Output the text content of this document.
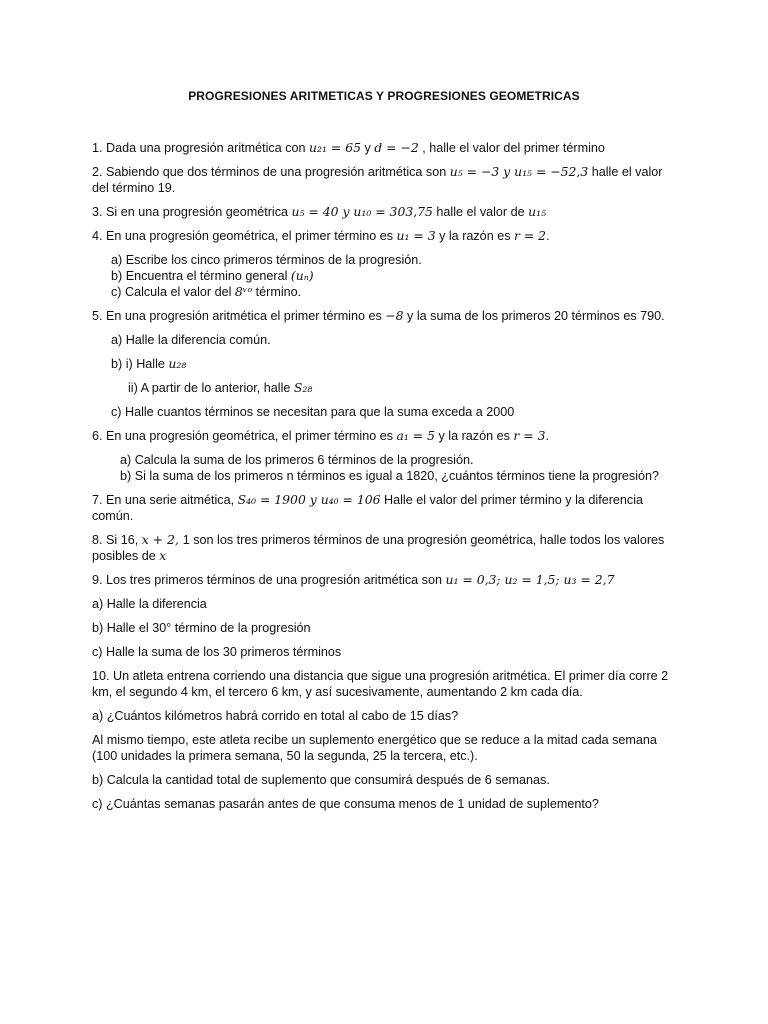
PROGRESIONES ARITMETICAS Y PROGRESIONES GEOMETRICAS

1. Dada una progresión aritmética con u₂₁ = 65 y d = −2 , halle el valor del primer término

2. Sabiendo que dos términos de una progresión aritmética son u₅ = −3 y u₁₅ = −52,3 halle el valor del término 19.

3. Si en una progresión geométrica u₅ = 40 y u₁₀ = 303,75 halle el valor de u₁₅

4. En una progresión geométrica, el primer término es u₁ = 3 y la razón es r = 2.

a) Escribe los cinco primeros términos de la progresión.
b) Encuentra el término general (uₙ)
c) Calcula el valor del 8ᵛᵒ término.

5. En una progresión aritmética el primer término es −8 y la suma de los primeros 20 términos es 790.

a) Halle la diferencia común.

b) i) Halle u₂₈

ii) A partir de lo anterior, halle S₂₈

c) Halle cuantos términos se necesitan para que la suma exceda a 2000

6. En una progresión geométrica, el primer término es a₁ = 5 y la razón es r = 3.

a) Calcula la suma de los primeros 6 términos de la progresión.
b) Si la suma de los primeros n términos es igual a 1820, ¿cuántos términos tiene la progresión?

7. En una serie aitmética, S₄₀ = 1900 y u₄₀ = 106 Halle el valor del primer término y la diferencia común.

8. Si 16, x + 2, 1 son los tres primeros términos de una progresión geométrica, halle todos los valores posibles de x

9. Los tres primeros términos de una progresión aritmética son u₁ = 0,3; u₂ = 1,5; u₃ = 2,7

a) Halle la diferencia

b) Halle el 30° término de la progresión

c) Halle la suma de los 30 primeros términos

10. Un atleta entrena corriendo una distancia que sigue una progresión aritmética. El primer día corre 2 km, el segundo 4 km, el tercero 6 km, y así sucesivamente, aumentando 2 km cada día.

a) ¿Cuántos kilómetros habrá corrido en total al cabo de 15 días?

Al mismo tiempo, este atleta recibe un suplemento energético que se reduce a la mitad cada semana (100 unidades la primera semana, 50 la segunda, 25 la tercera, etc.).

b) Calcula la cantidad total de suplemento que consumirá después de 6 semanas.

c) ¿Cuántas semanas pasarán antes de que consuma menos de 1 unidad de suplemento?
